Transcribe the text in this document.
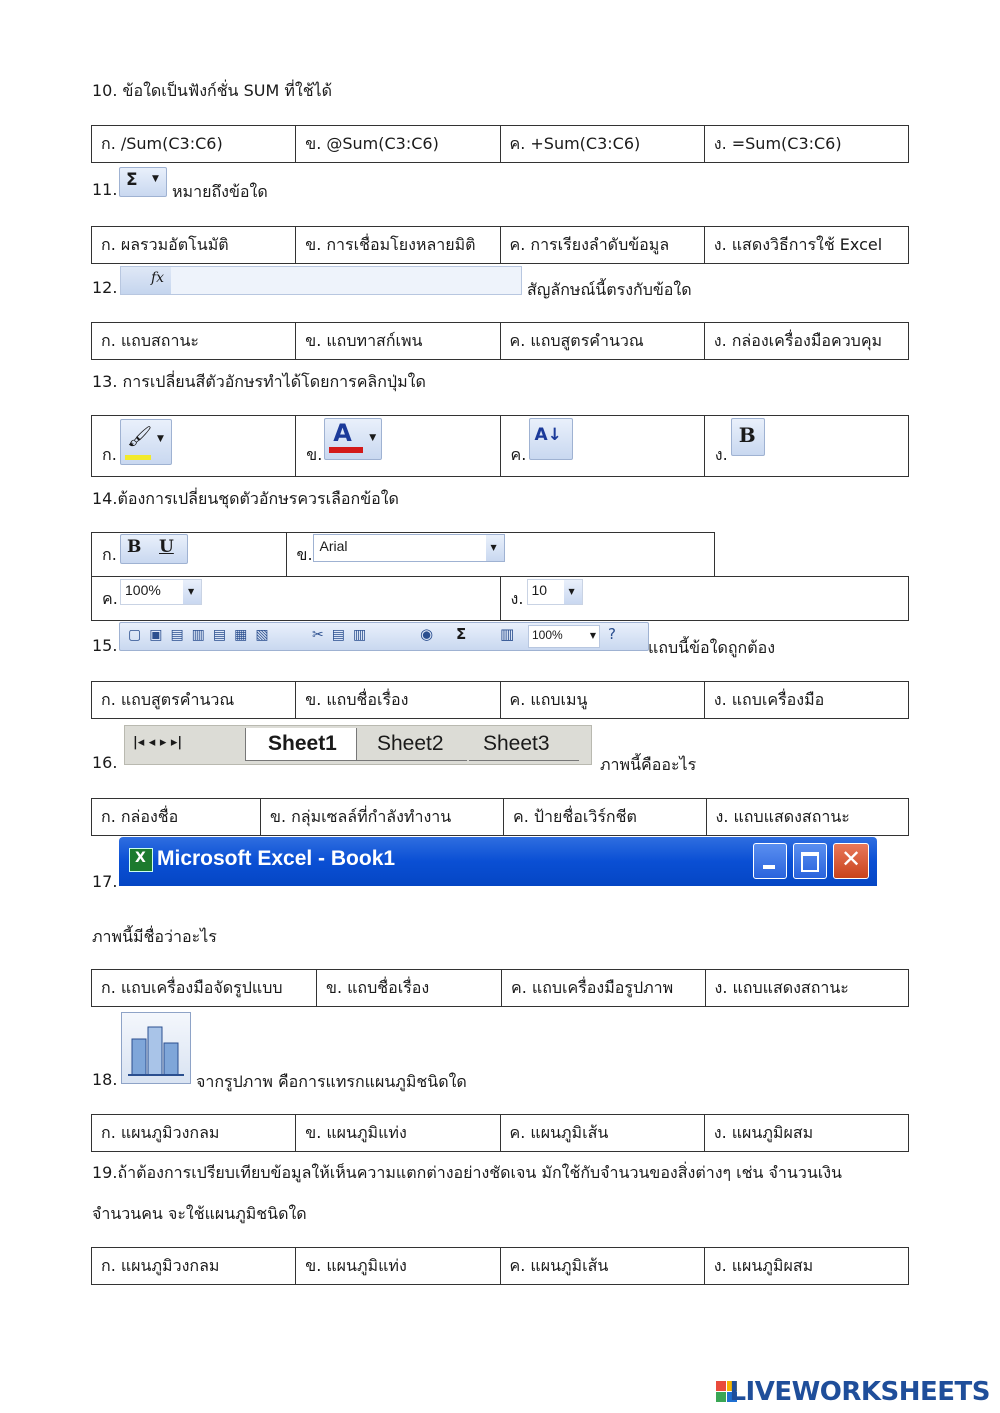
10. ข้อใดเป็นฟังก์ชั่น SUM ที่ใช้ได้
ก. /Sum(C3:C6)	ข. @Sum(C3:C6)	ค. +Sum(C3:C6)	ง. =Sum(C3:C6)
11. Σ ▼
หมายถึงข้อใด
ก. ผลรวมอัตโนมัติ	ข. การเชื่อมโยงหลายมิติ	ค. การเรียงลำดับข้อมูล	ง. แสดงวิธีการใช้ Excel
12. fx
สัญลักษณ์นี้ตรงกับข้อใด
ก. แถบสถานะ	ข. แถบทาสก์เพน	ค. แถบสูตรคำนวณ	ง. กล่องเครื่องมือควบคุม
13. การเปลี่ยนสีตัวอักษรทำได้โดยการคลิกปุ่มใด
ก.
🖌 ▼

ข.
A ▼

ค.
A↓

ง.
B
14.ต้องการเปลี่ยนชุดตัวอักษรควรเลือกข้อใด
ก. B U	ข. Arial ▼	

ค. 100% ▼		ง. 10 ▼
15.
▢▣▤▥▤▦▧	✂▤▥	◉ Σ ▥ 100%	▼ ?
แถบนี้ข้อใดถูกต้อง
ก. แถบสูตรคำนวณ	ข. แถบชื่อเรื่อง	ค. แถบเมนู	ง. แถบเครื่องมือ
16.
|◂ ◂ ▸ ▸|	Sheet1 Sheet2 Sheet3
ภาพนี้คืออะไร
ก. กล่องชื่อ	ข. กลุ่มเซลล์ที่กำลังทำงาน	ค. ป้ายชื่อเวิร์กชีต	ง. แถบแสดงสถานะ
17.
X Microsoft Excel - Book1	✕
ภาพนี้มีชื่อว่าอะไร
ก. แถบเครื่องมือจัดรูปแบบ	ข. แถบชื่อเรื่อง	ค. แถบเครื่องมือรูปภาพ	ง. แถบแสดงสถานะ
18.	จากรูปภาพ คือการแทรกแผนภูมิชนิดใด
ก. แผนภูมิวงกลม	ข. แผนภูมิแท่ง	ค. แผนภูมิเส้น	ง. แผนภูมิผสม
19.ถ้าต้องการเปรียบเทียบข้อมูลให้เห็นความแตกต่างอย่างชัดเจน มักใช้กับจำนวนของสิ่งต่างๆ เช่น จำนวนเงิน
จำนวนคน จะใช้แผนภูมิชนิดใด
ก. แผนภูมิวงกลม	ข. แผนภูมิแท่ง	ค. แผนภูมิเส้น	ง. แผนภูมิผสม
LIVEWORKSHEETS
